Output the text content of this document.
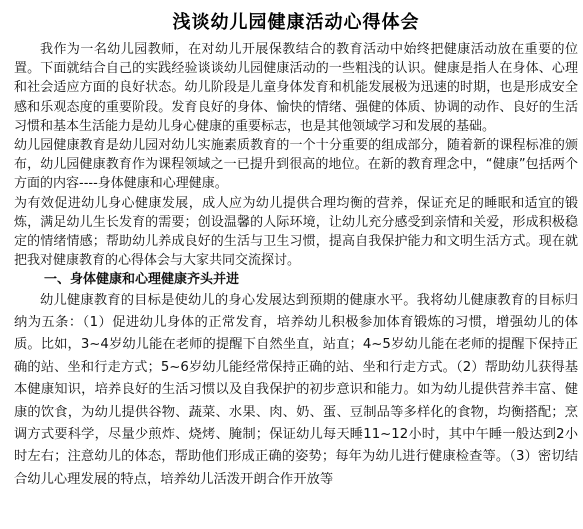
浅谈幼儿园健康活动心得体会

我作为一名幼儿园教师，在对幼儿开展保教结合的教育活动中始终把健康活动放在重要的位置。下面就结合自己的实践经验谈谈幼儿园健康活动的一些粗浅的认识。健康是指人在身体、心理和社会适应方面的良好状态。幼儿阶段是儿童身体发育和机能发展极为迅速的时期，也是形成安全感和乐观态度的重要阶段。发育良好的身体、愉快的情绪、强健的体质、协调的动作、良好的生活习惯和基本生活能力是幼儿身心健康的重要标志，也是其他领域学习和发展的基础。

幼儿园健康教育是幼儿园对幼儿实施素质教育的一个十分重要的组成部分，随着新的课程标准的颁布，幼儿园健康教育作为课程领域之一已提升到很高的地位。在新的教育理念中，“健康”包括两个方面的内容----身体健康和心理健康。

为有效促进幼儿身心健康发展，成人应为幼儿提供合理均衡的营养，保证充足的睡眠和适宜的锻炼，满足幼儿生长发育的需要；创设温馨的人际环境，让幼儿充分感受到亲情和关爱，形成积极稳定的情绪情感；帮助幼儿养成良好的生活与卫生习惯，提高自我保护能力和文明生活方式。现在就把我对健康教育的心得体会与大家共同交流探讨。

一、身体健康和心理健康齐头并进

幼儿健康教育的目标是使幼儿的身心发展达到预期的健康水平。我将幼儿健康教育的目标归纳为五条：（1）促进幼儿身体的正常发育，培养幼儿积极参加体育锻炼的习惯，增强幼儿的体质。比如，3~4岁幼儿能在老师的提醒下自然坐直，站直；4~5岁幼儿能在老师的提醒下保持正确的站、坐和行走方式；5~6岁幼儿能经常保持正确的站、坐和行走方式。（2）帮助幼儿获得基本健康知识，培养良好的生活习惯以及自我保护的初步意识和能力。如为幼儿提供营养丰富、健康的饮食，为幼儿提供谷物、蔬菜、水果、肉、奶、蛋、豆制品等多样化的食物，均衡搭配；烹调方式要科学，尽量少煎炸、烧烤、腌制；保证幼儿每天睡11~12小时，其中午睡一般达到2小时左右；注意幼儿的体态，帮助他们形成正确的姿势；每年为幼儿进行健康检查等。（3）密切结合幼儿心理发展的特点，培养幼儿活泼开朗合作开放等
